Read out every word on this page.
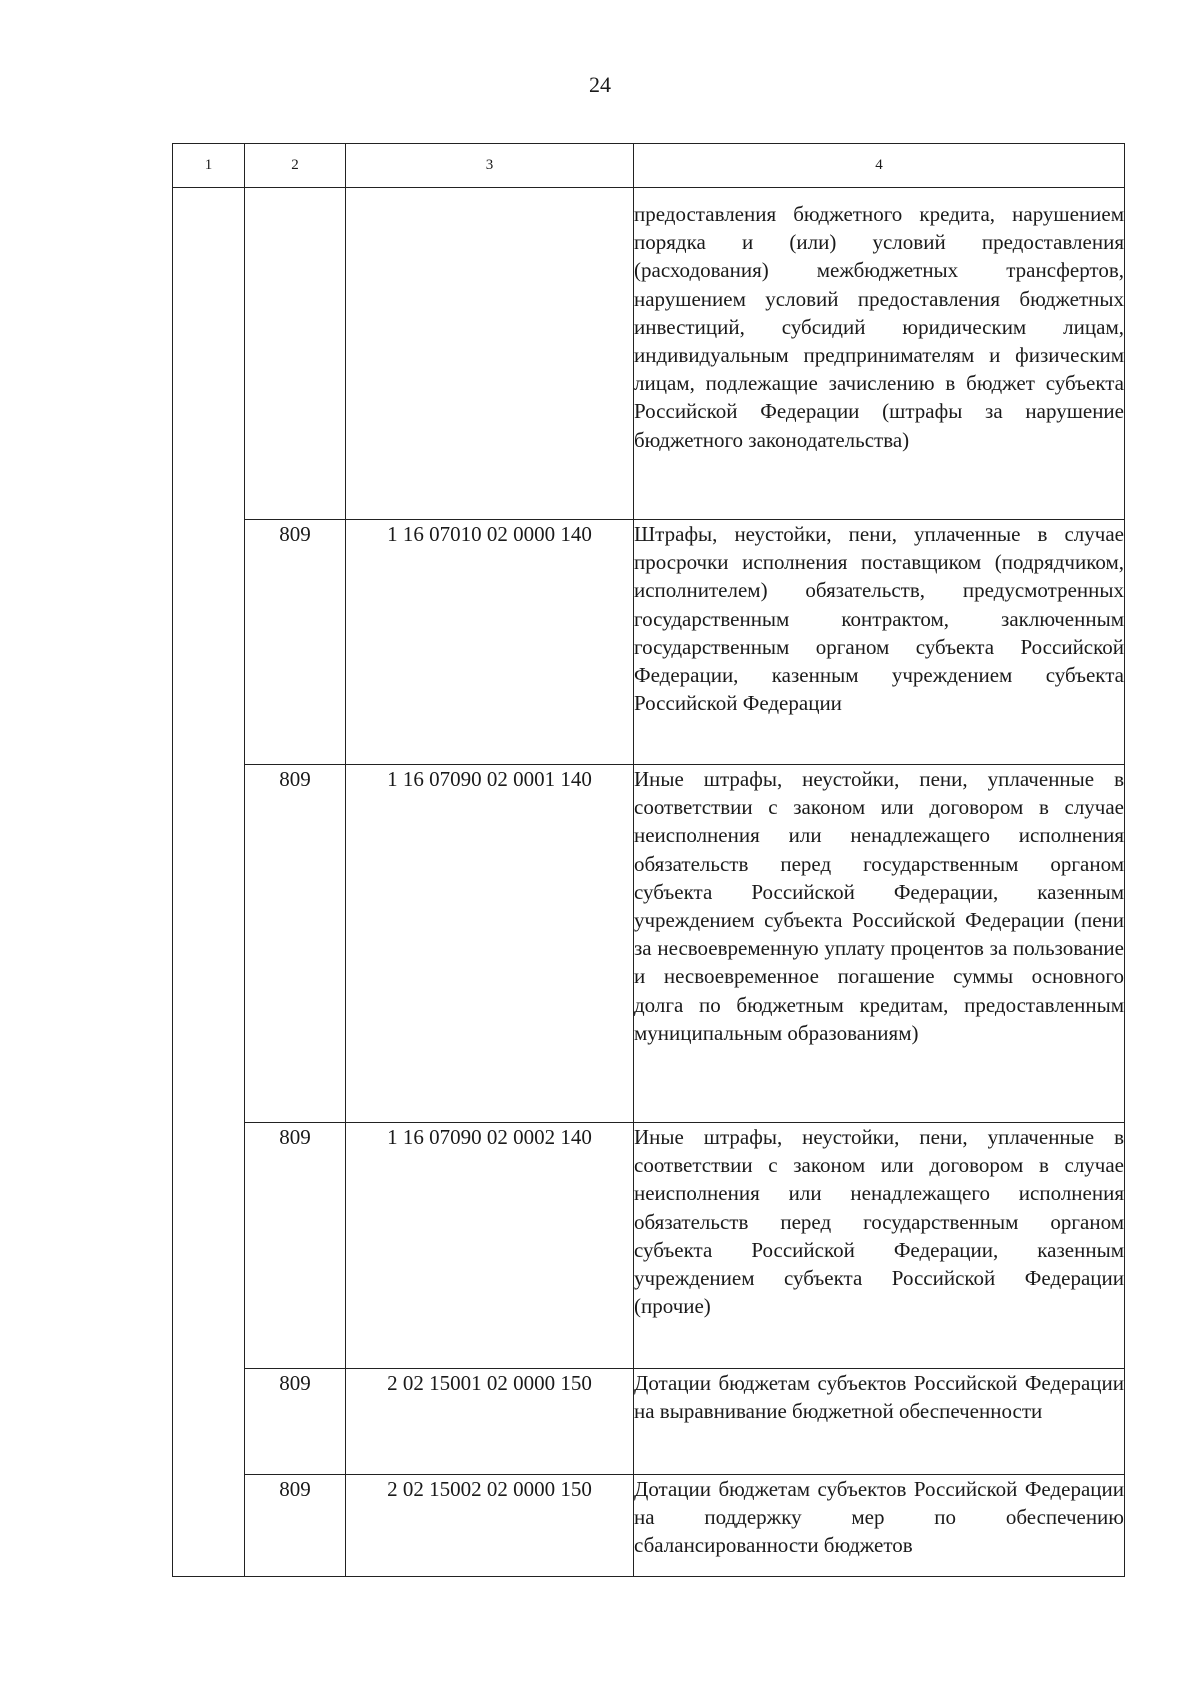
24
1	2	3	4
			предоставления бюджетного кредита, нарушением порядка и (или) условий предоставления (расходования) межбюджетных трансфертов, нарушением условий предоставления бюджетных инвестиций, субсидий юридическим лицам, индивидуальным предпринимателям и физическим лицам, подлежащие зачислению в бюджет субъекта Российской Федерации (штрафы за нарушение бюджетного законодательства)
	809	1 16 07010 02 0000 140	Штрафы, неустойки, пени, уплаченные в случае просрочки исполнения поставщиком (подрядчиком, исполнителем) обязательств, предусмотренных государственным контрактом, заключенным государственным органом субъекта Российской Федерации, казенным учреждением субъекта Российской Федерации
	809	1 16 07090 02 0001 140	Иные штрафы, неустойки, пени, уплаченные в соответствии с законом или договором в случае неисполнения или ненадлежащего исполнения обязательств перед государственным органом субъекта Российской Федерации, казенным учреждением субъекта Российской Федерации (пени за несвоевременную уплату процентов за пользование и несвоевременное погашение суммы основного долга по бюджетным кредитам, предоставленным муниципальным образованиям)
	809	1 16 07090 02 0002 140	Иные штрафы, неустойки, пени, уплаченные в соответствии с законом или договором в случае неисполнения или ненадлежащего исполнения обязательств перед государственным органом субъекта Российской Федерации, казенным учреждением субъекта Российской Федерации (прочие)
	809	2 02 15001 02 0000 150	Дотации бюджетам субъектов Российской Федерации на выравнивание бюджетной обеспеченности
	809	2 02 15002 02 0000 150	Дотации бюджетам субъектов Российской Федерации на поддержку мер по обеспечению сбалансированности бюджетов
